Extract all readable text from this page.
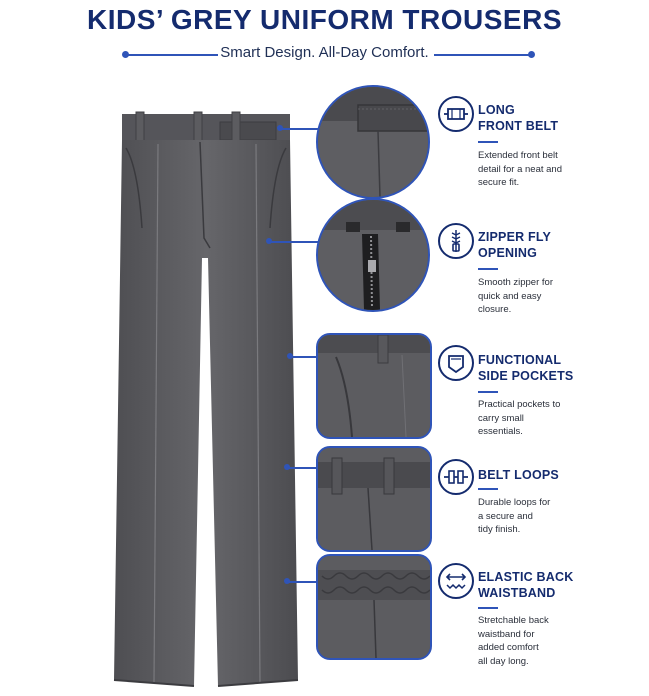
KIDS’ GREY UNIFORM TROUSERS
Smart Design. All-Day Comfort.
LONG
FRONT BELT
Extended front belt
detail for a neat and
secure fit.
ZIPPER FLY
OPENING
Smooth zipper for
quick and easy
closure.
FUNCTIONAL
SIDE POCKETS
Practical pockets to
carry small
essentials.
BELT LOOPS
Durable loops for
a secure and
tidy finish.
ELASTIC BACK
WAISTBAND
Stretchable back
waistband for
added comfort
all day long.
